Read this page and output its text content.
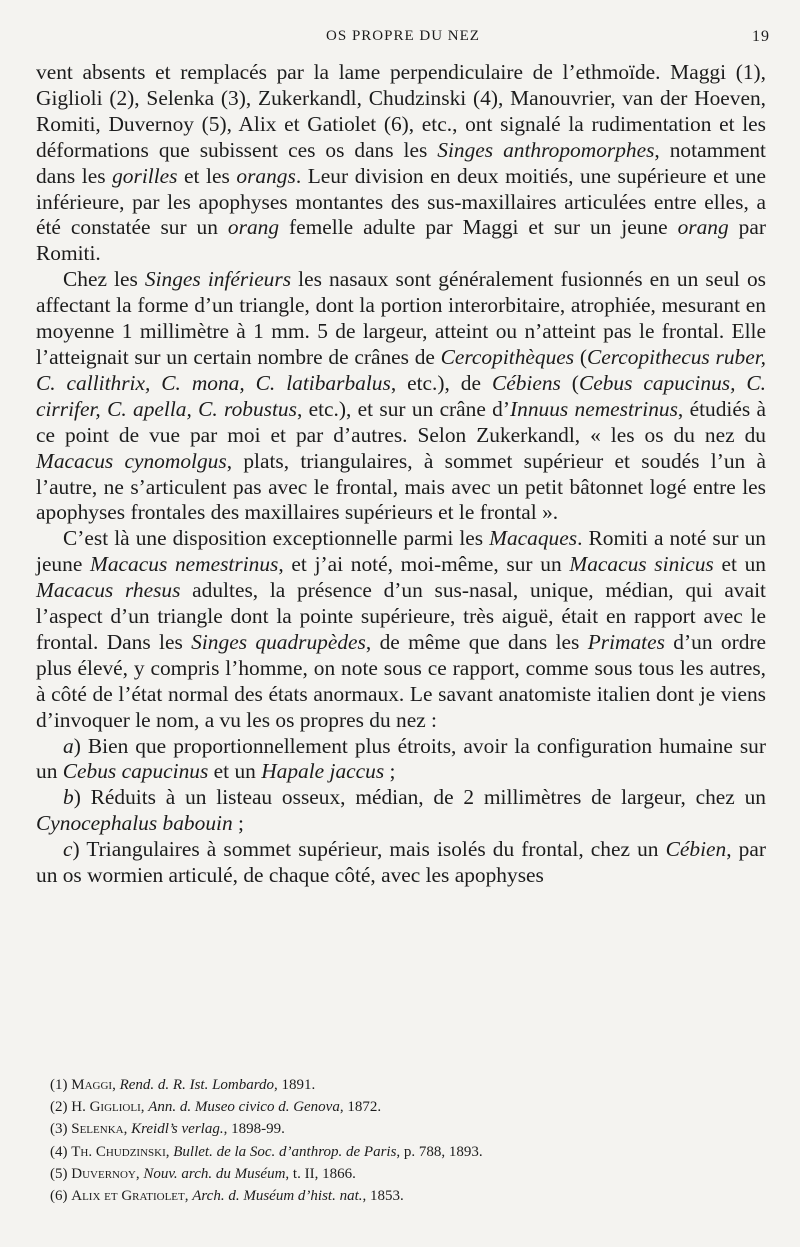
OS PROPRE DU NEZ	19

vent absents et remplacés par la lame perpendiculaire de l’ethmoïde. Maggi (1), Giglioli (2), Selenka (3), Zukerkandl, Chudzinski (4), Manouvrier, van der Hoeven, Romiti, Duvernoy (5), Alix et Gatiolet (6), etc., ont signalé la rudimentation et les déformations que subissent ces os dans les Singes anthropomorphes, notamment dans les gorilles et les orangs. Leur division en deux moitiés, une supérieure et une inférieure, par les apophyses montantes des sus-maxillaires articulées entre elles, a été constatée sur un orang femelle adulte par Maggi et sur un jeune orang par Romiti.

Chez les Singes inférieurs les nasaux sont généralement fusionnés en un seul os affectant la forme d’un triangle, dont la portion interorbitaire, atrophiée, mesurant en moyenne 1 millimètre à 1 mm. 5 de largeur, atteint ou n’atteint pas le frontal. Elle l’atteignait sur un certain nombre de crânes de Cercopithèques (Cercopithecus ruber, C. callithrix, C. mona, C. latibarbalus, etc.), de Cébiens (Cebus capucinus, C. cirrifer, C. apella, C. robustus, etc.), et sur un crâne d’Innuus nemestrinus, étudiés à ce point de vue par moi et par d’autres. Selon Zukerkandl, « les os du nez du Macacus cynomolgus, plats, triangulaires, à sommet supérieur et soudés l’un à l’autre, ne s’articulent pas avec le frontal, mais avec un petit bâtonnet logé entre les apophyses frontales des maxillaires supérieurs et le frontal ».

C’est là une disposition exceptionnelle parmi les Macaques. Romiti a noté sur un jeune Macacus nemestrinus, et j’ai noté, moi-même, sur un Macacus sinicus et un Macacus rhesus adultes, la présence d’un sus-nasal, unique, médian, qui avait l’aspect d’un triangle dont la pointe supérieure, très aiguë, était en rapport avec le frontal. Dans les Singes quadrupèdes, de même que dans les Primates d’un ordre plus élevé, y compris l’homme, on note sous ce rapport, comme sous tous les autres, à côté de l’état normal des états anormaux. Le savant anatomiste italien dont je viens d’invoquer le nom, a vu les os propres du nez :

a) Bien que proportionnellement plus étroits, avoir la configuration humaine sur un Cebus capucinus et un Hapale jaccus ;

b) Réduits à un listeau osseux, médian, de 2 millimètres de largeur, chez un Cynocephalus babouin ;

c) Triangulaires à sommet supérieur, mais isolés du frontal, chez un Cébien, par un os wormien articulé, de chaque côté, avec les apophyses

(1) Maggi, Rend. d. R. Ist. Lombardo, 1891.
(2) H. Giglioli, Ann. d. Museo civico d. Genova, 1872.
(3) Selenka, Kreidl’s verlag., 1898-99.
(4) Th. Chudzinski, Bullet. de la Soc. d’anthrop. de Paris, p. 788, 1893.
(5) Duvernoy, Nouv. arch. du Muséum, t. II, 1866.
(6) Alix et Gratiolet, Arch. d. Muséum d’hist. nat., 1853.
